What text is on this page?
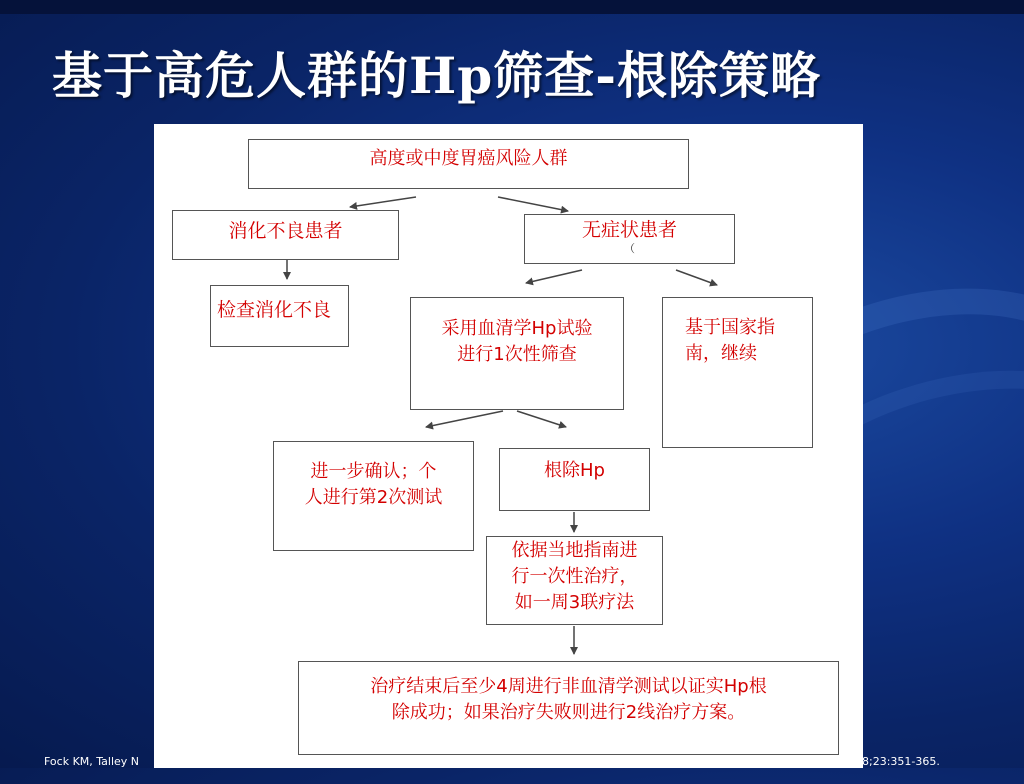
基于高危人群的Hp筛查-根除策略
高度或中度胃癌风险人群
消化不良患者	无症状患者
（
检查消化不良
采用血清学Hp试验
进行1次性筛查
基于国家指
南，继续
进一步确认；个
人进行第2次测试
根除Hp
依据当地指南进
行一次性治疗，
如一周3联疗法
治疗结束后至少4周进行非血清学测试以证实Hp根
除成功；如果治疗失败则进行2线治疗方案。
Fock KM, Talley N	8;23:351-365.
